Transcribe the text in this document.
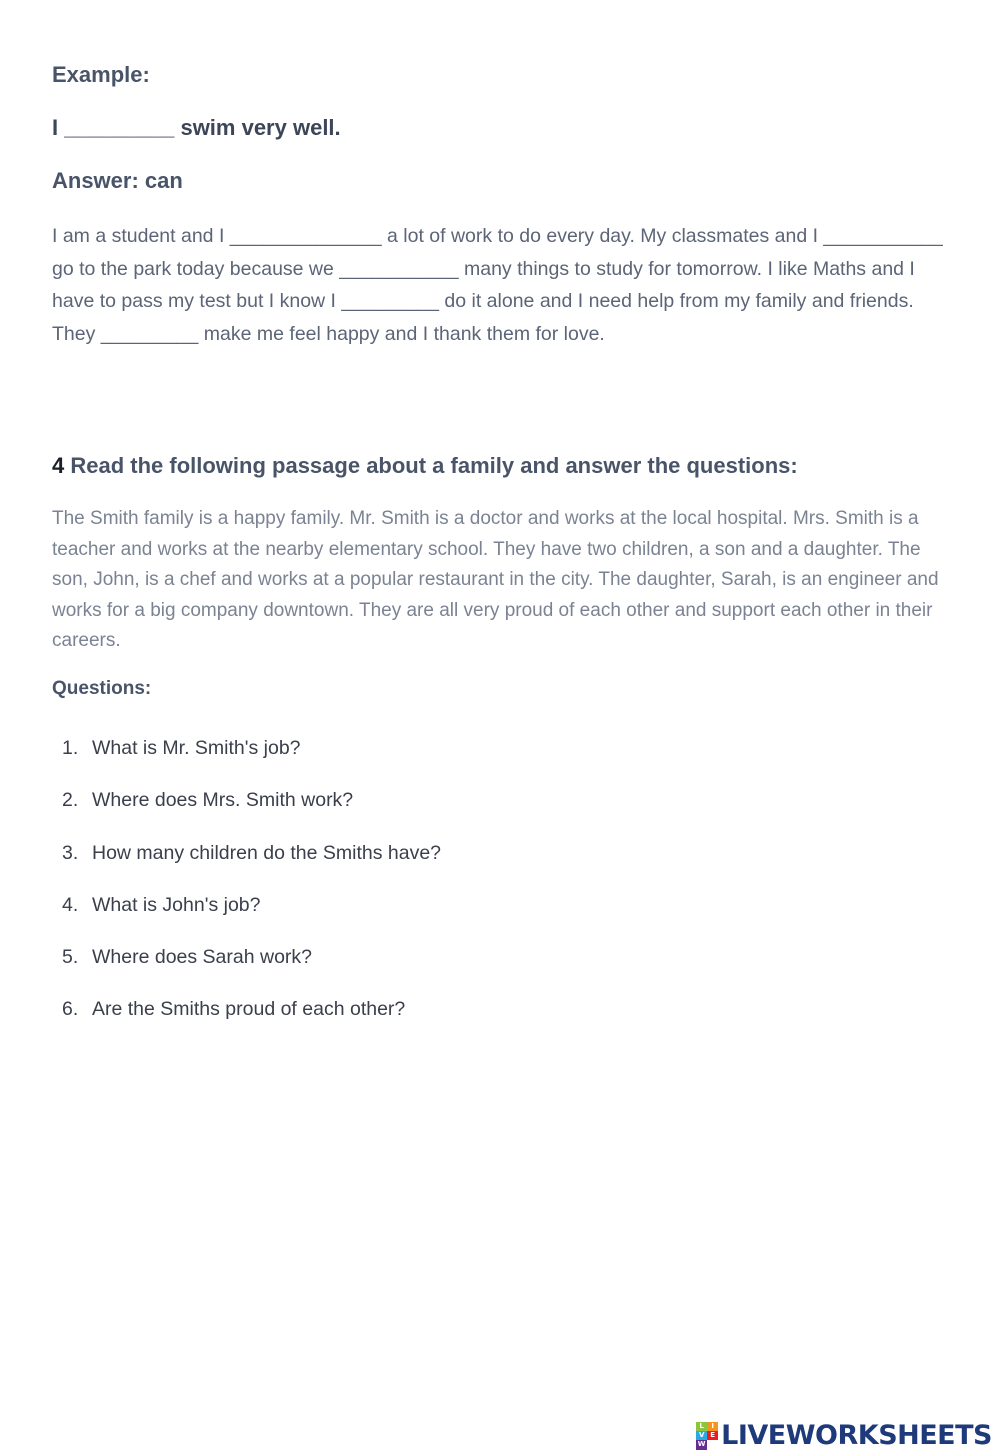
Example:

I _________ swim very well.

Answer: can

I am a student and I ______________ a lot of work to do every day. My classmates and I ___________ go to the park today because we ___________ many things to study for tomorrow. I like Maths and I have to pass my test but I know I _________ do it alone and I need help from my family and friends. They _________ make me feel happy and I thank them for love.

4 Read the following passage about a family and answer the questions:

The Smith family is a happy family. Mr. Smith is a doctor and works at the local hospital. Mrs. Smith is a teacher and works at the nearby elementary school. They have two children, a son and a daughter. The son, John, is a chef and works at a popular restaurant in the city. The daughter, Sarah, is an engineer and works for a big company downtown. They are all very proud of each other and support each other in their careers.

Questions:

1. What is Mr. Smith's job?
2. Where does Mrs. Smith work?
3. How many children do the Smiths have?
4. What is John's job?
5. Where does Sarah work?
6. Are the Smiths proud of each other?
L	I
V E
W LIVEWORKSHEETS
